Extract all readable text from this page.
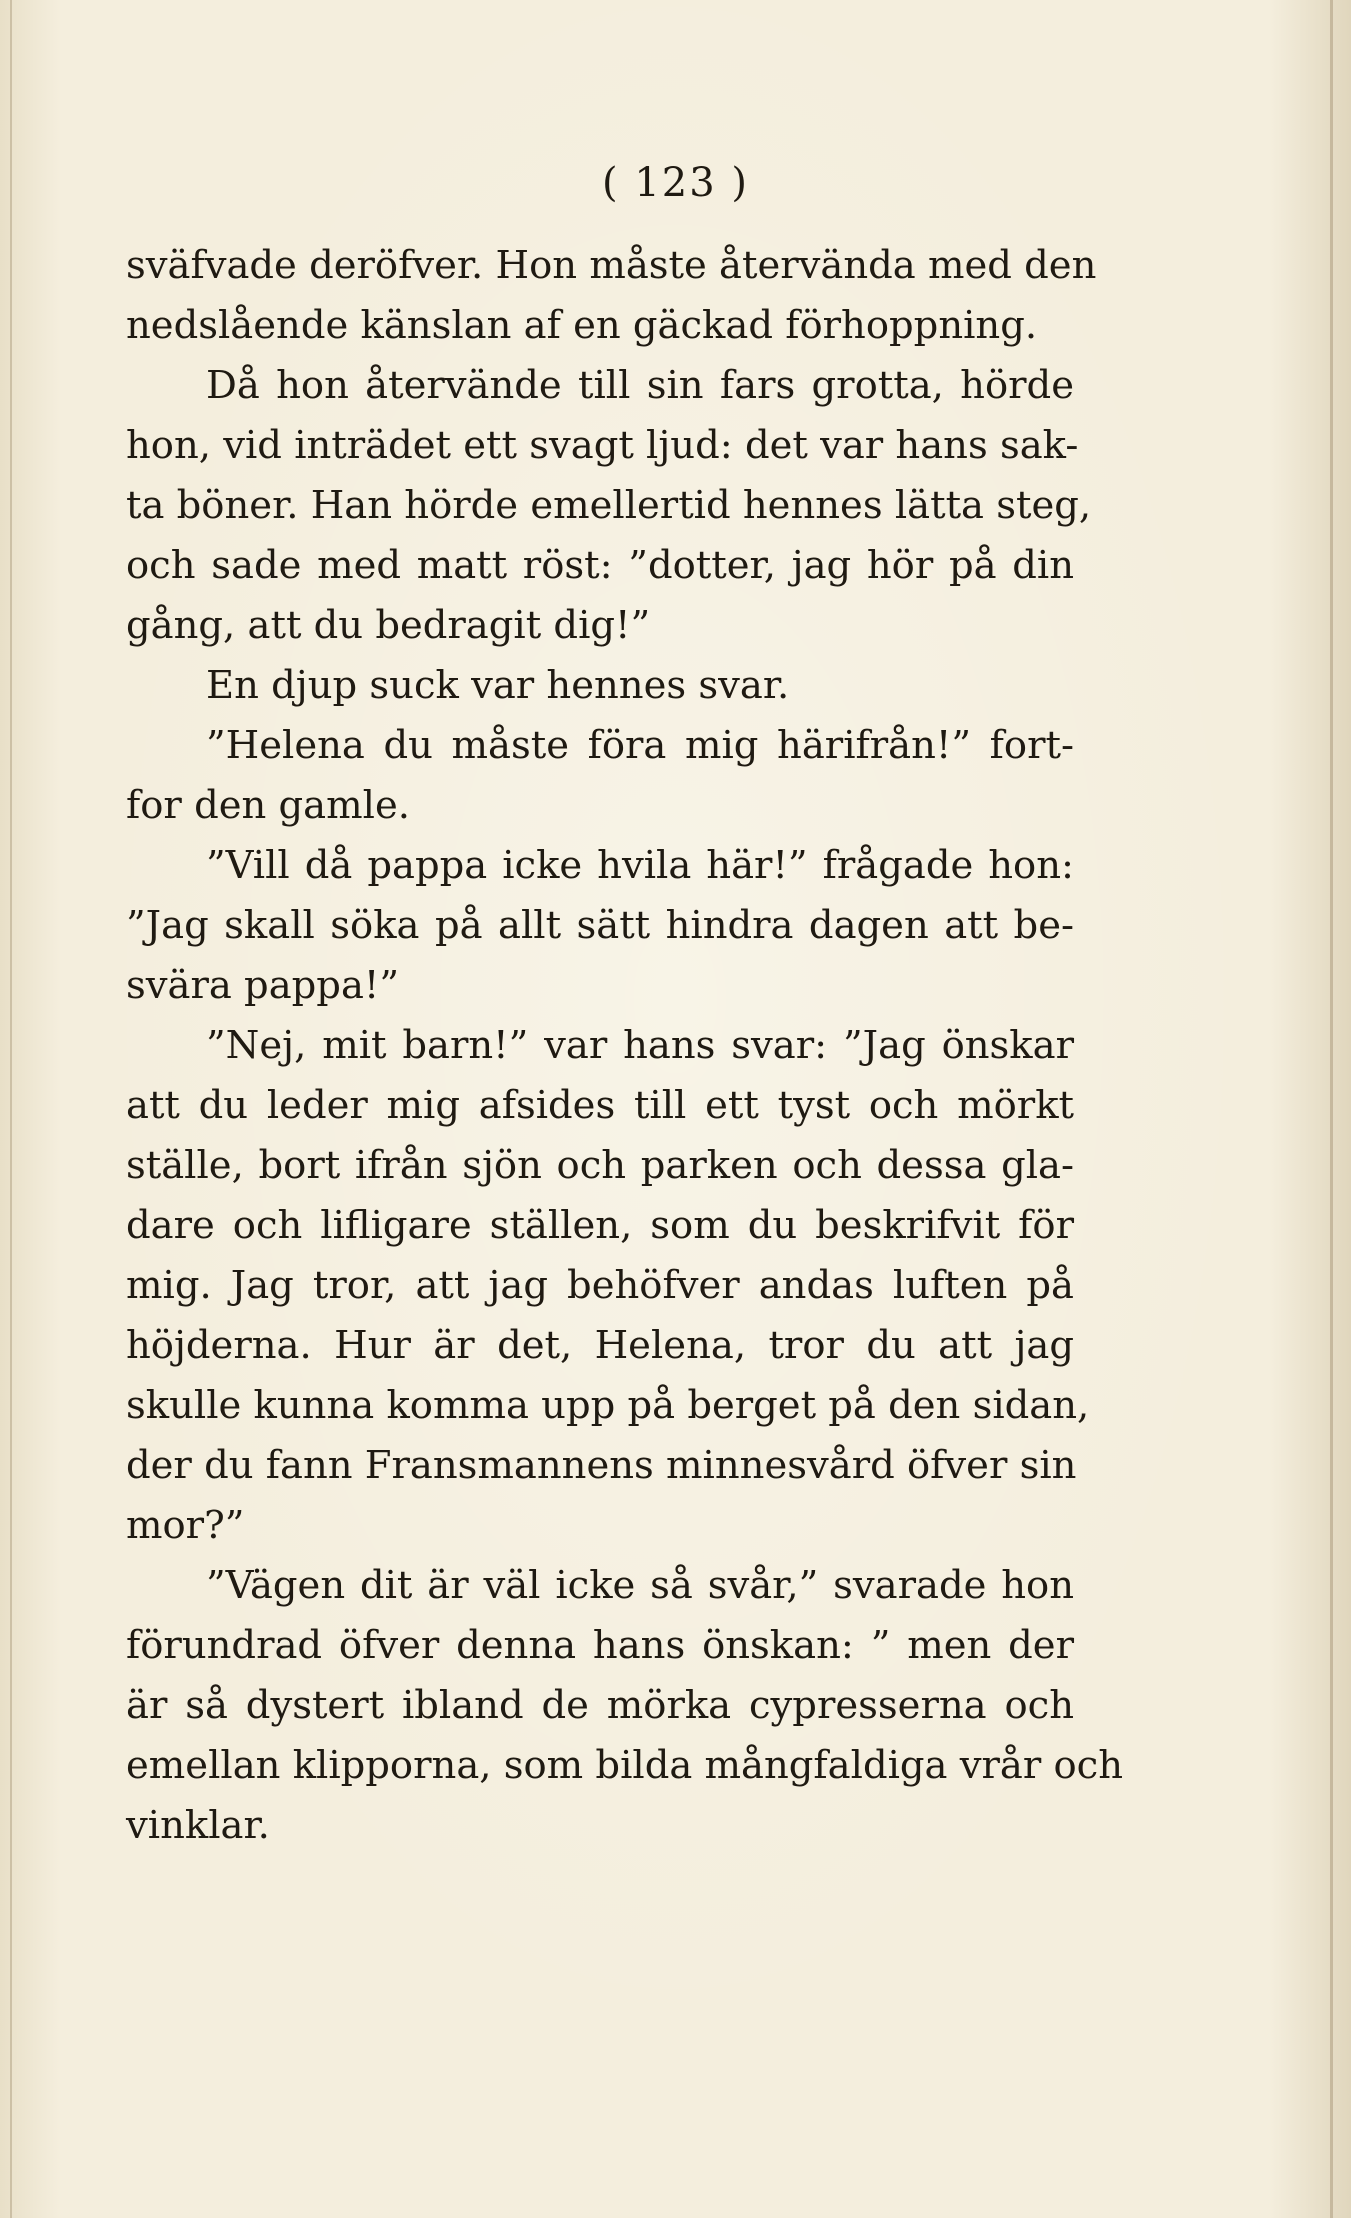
( 123 )
sväfvade deröfver. Hon måste återvända med den
nedslående känslan af en gäckad förhoppning.
Då hon återvände till sin fars grotta, hörde
hon, vid inträdet ett svagt ljud: det var hans sak-
ta böner. Han hörde emellertid hennes lätta steg,
och sade med matt röst: ”dotter, jag hör på din
gång, att du bedragit dig!”
En djup suck var hennes svar.
”Helena du måste föra mig härifrån!” fort-
for den gamle.
”Vill då pappa icke hvila här!” frågade hon:
”Jag skall söka på allt sätt hindra dagen att be-
svära pappa!”
”Nej, mit barn!” var hans svar: ”Jag önskar
att du leder mig afsides till ett tyst och mörkt
ställe, bort ifrån sjön och parken och dessa gla-
dare och lifligare ställen, som du beskrifvit för
mig. Jag tror, att jag behöfver andas luften på
höjderna. Hur är det, Helena, tror du att jag
skulle kunna komma upp på berget på den sidan,
der du fann Fransmannens minnesvård öfver sin
mor?”
”Vägen dit är väl icke så svår,” svarade hon
förundrad öfver denna hans önskan: ” men der
är så dystert ibland de mörka cypresserna och
emellan klipporna, som bilda mångfaldiga vrår och
vinklar.
